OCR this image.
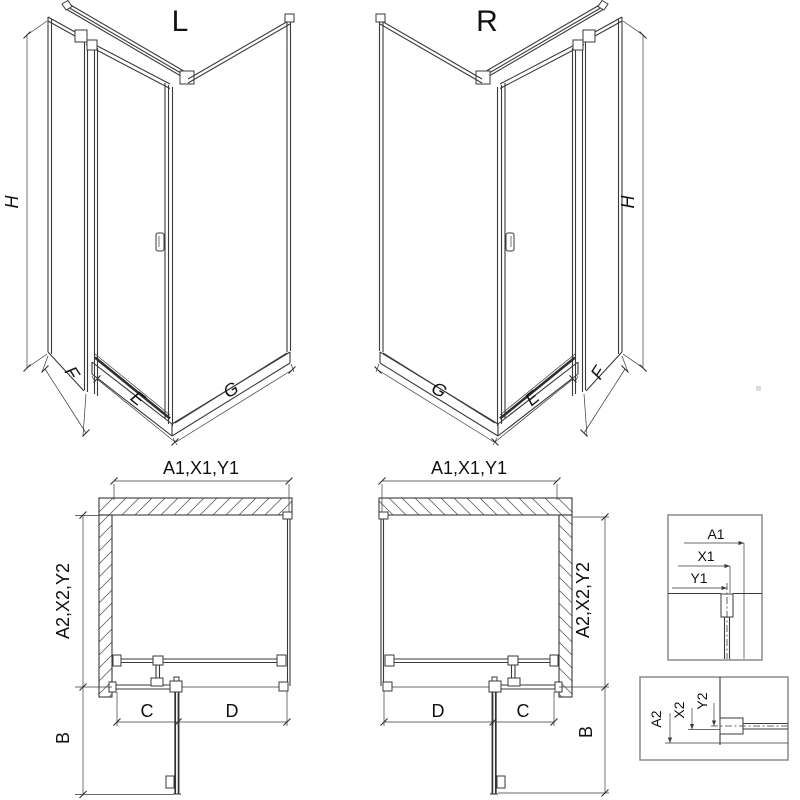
L
H
F
E	G
R
H
F
E
G
A1,X1,Y1
A2,X2,Y2
C	D
B
A1,X1,Y1
A2,X2,Y2
D	C
B
A1
X1
Y1
A2
X2
Y2
